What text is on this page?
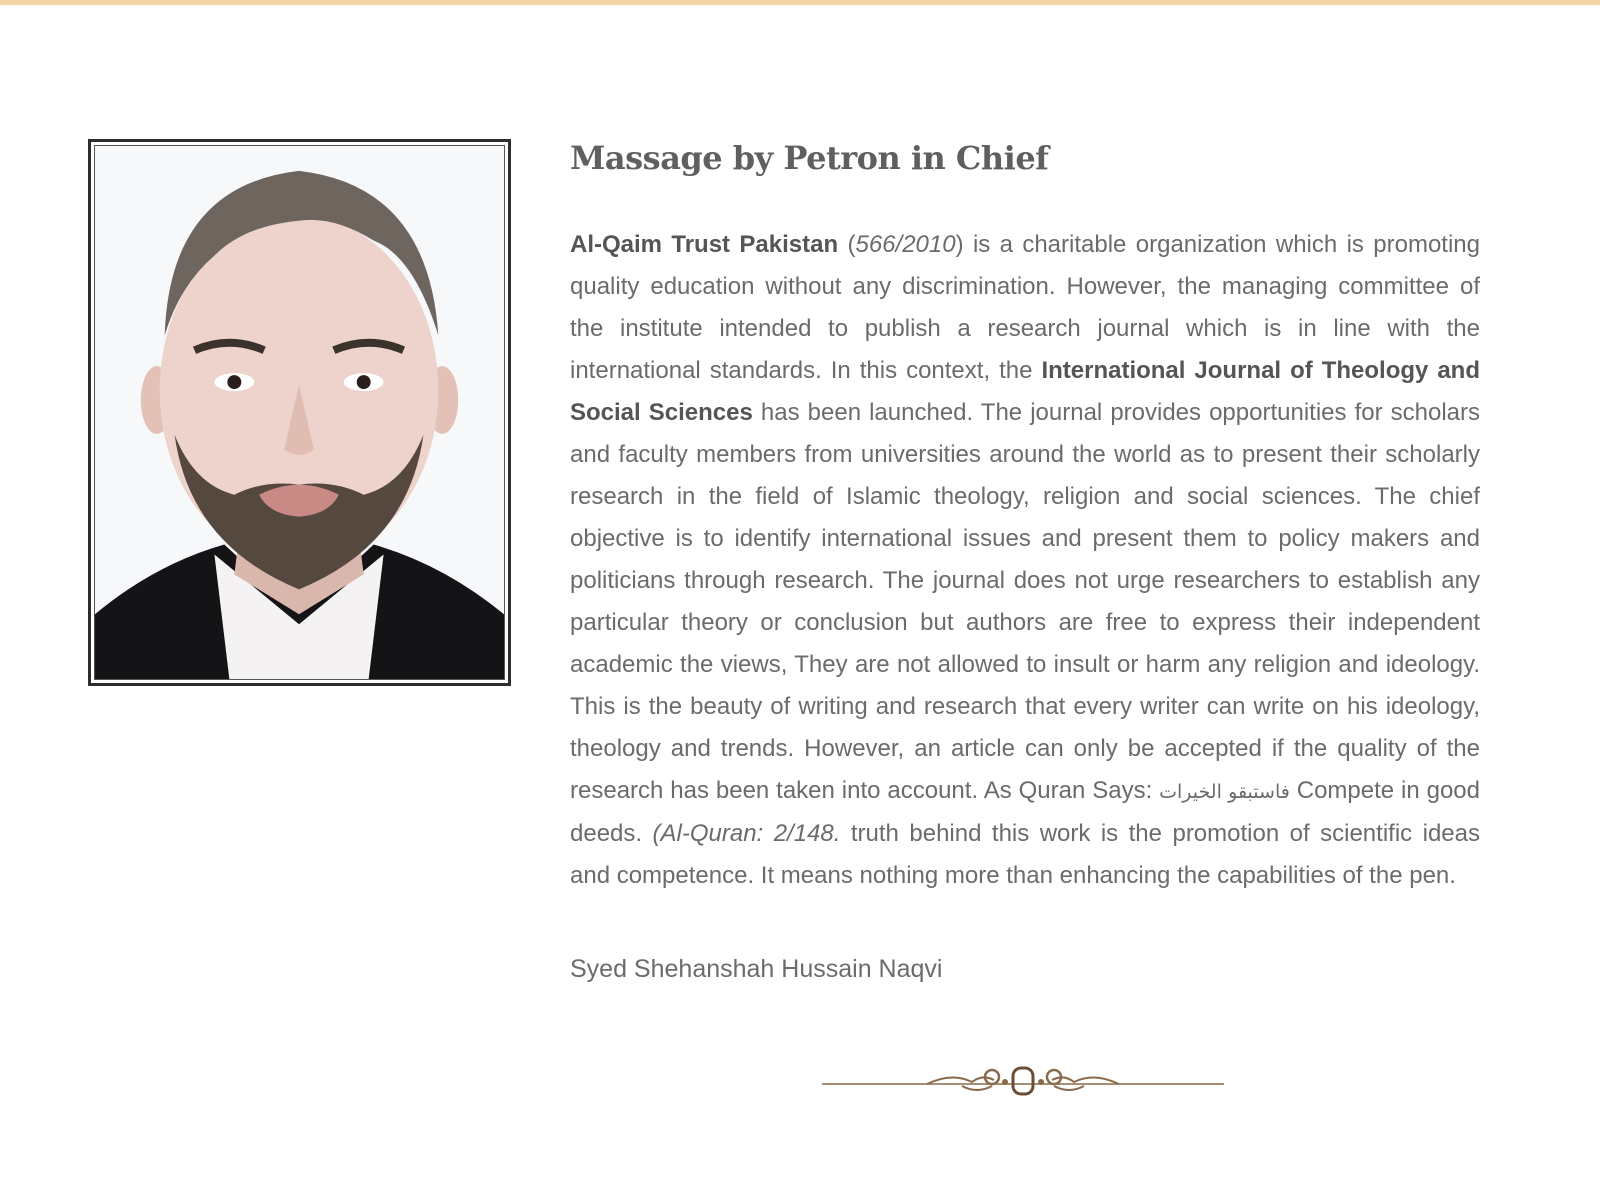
Massage by Petron in Chief

Al-Qaim Trust Pakistan (566/2010) is a charitable organization which is promoting quality education without any discrimination. However, the managing committee of the institute intended to publish a research journal which is in line with the international standards. In this context, the International Journal of Theology and Social Sciences has been launched. The journal provides opportunities for scholars and faculty members from universities around the world as to present their scholarly research in the field of Islamic theology, religion and social sciences. The chief objective is to identify international issues and present them to policy makers and politicians through research. The journal does not urge researchers to establish any particular theory or conclusion but authors are free to express their independent academic the views, They are not allowed to insult or harm any religion and ideology. This is the beauty of writing and research that every writer can write on his ideology, theology and trends. However, an article can only be accepted if the quality of the research has been taken into account. As Quran Says: فاستبقو الخيرات Compete in good deeds. (Al-Quran: 2/148. truth behind this work is the promotion of scientific ideas and competence. It means nothing more than enhancing the capabilities of the pen.

Syed Shehanshah Hussain Naqvi
